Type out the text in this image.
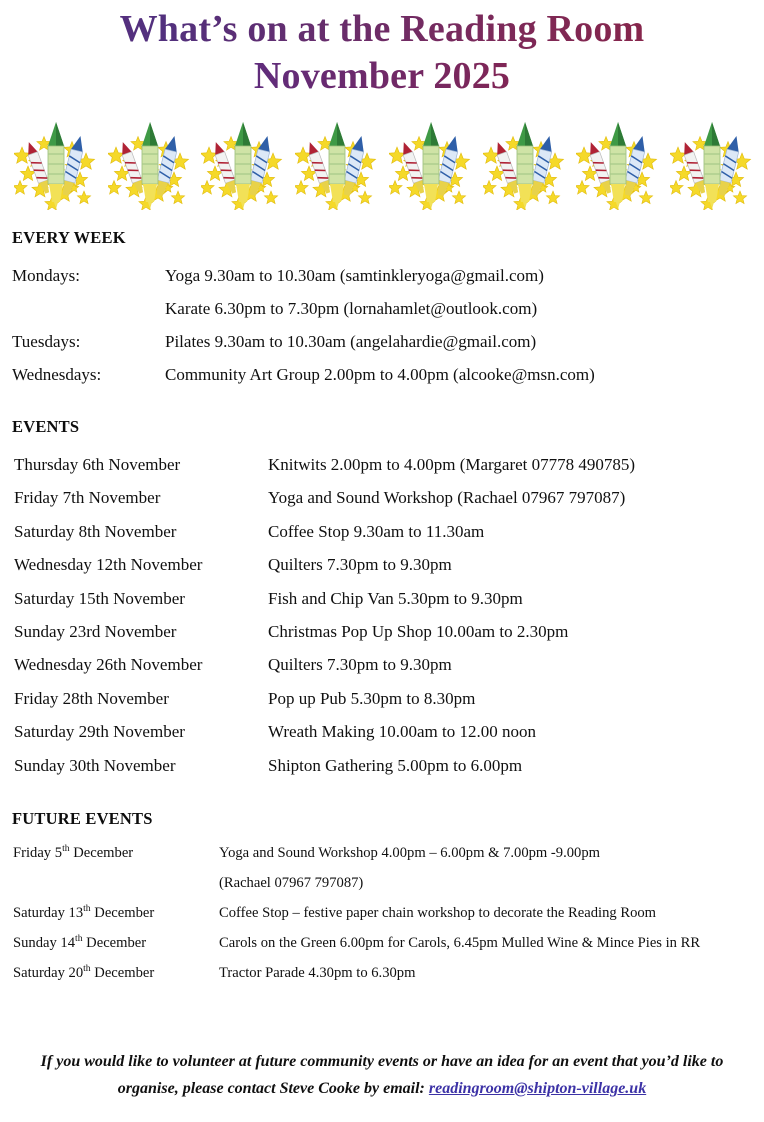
What’s on at the Reading Room
November 2025
EVERY WEEK
Mondays:	Yoga 9.30am to 10.30am (samtinkleryoga@gmail.com)
Karate 6.30pm to 7.30pm (lornahamlet@outlook.com)
Tuesdays:	Pilates 9.30am to 10.30am (angelahardie@gmail.com)
Wednesdays:	Community Art Group 2.00pm to 4.00pm (alcooke@msn.com)
EVENTS
Thursday 6th November	Knitwits 2.00pm to 4.00pm (Margaret 07778 490785)
Friday 7th November	Yoga and Sound Workshop (Rachael 07967 797087)
Saturday 8th November	Coffee Stop 9.30am to 11.30am
Wednesday 12th November	Quilters 7.30pm to 9.30pm
Saturday 15th November	Fish and Chip Van 5.30pm to 9.30pm
Sunday 23rd November	Christmas Pop Up Shop 10.00am to 2.30pm
Wednesday 26th November	Quilters 7.30pm to 9.30pm
Friday 28th November	Pop up Pub 5.30pm to 8.30pm
Saturday 29th November	Wreath Making 10.00am to 12.00 noon
Sunday 30th November	Shipton Gathering 5.00pm to 6.00pm
FUTURE EVENTS
Friday 5th December	Yoga and Sound Workshop 4.00pm – 6.00pm & 7.00pm -9.00pm
(Rachael 07967 797087)
Saturday 13th December	Coffee Stop – festive paper chain workshop to decorate the Reading Room
Sunday 14th December	Carols on the Green 6.00pm for Carols, 6.45pm Mulled Wine & Mince Pies in RR
Saturday 20th December	Tractor Parade 4.30pm to 6.30pm
If you would like to volunteer at future community events or have an idea for an event that you’d like to organise, please contact Steve Cooke by email: readingroom@shipton-village.uk
